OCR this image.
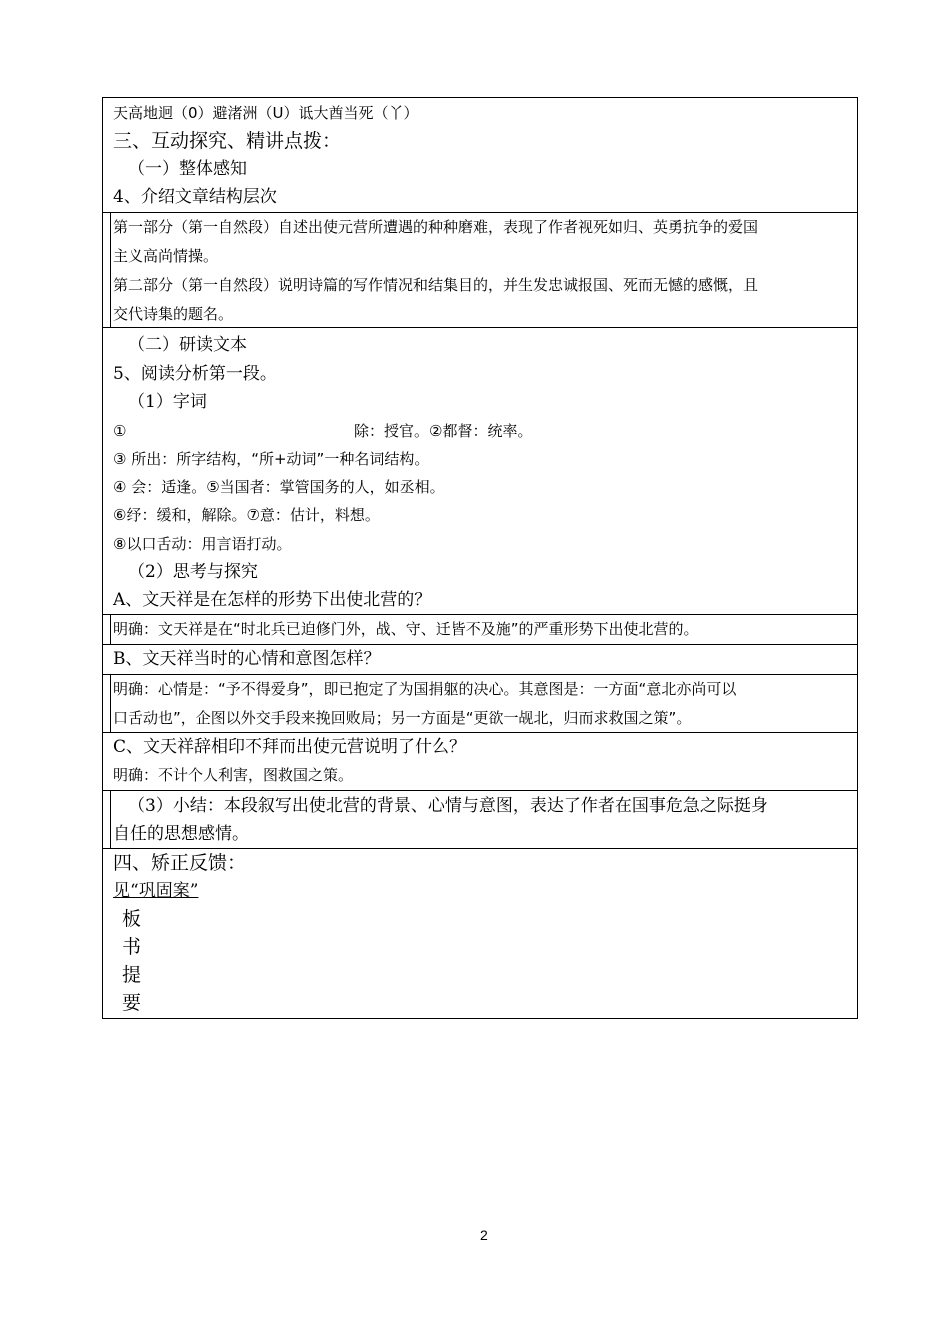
天高地迥（0）避渚洲（U）诋大酋当死（丫）
三、互动探究、精讲点拨：
（一）整体感知
4、介绍文章结构层次
第一部分（第一自然段）自述出使元营所遭遇的种种磨难，表现了作者视死如归、英勇抗争的爱国
主义高尚情操。
第二部分（第一自然段）说明诗篇的写作情况和结集目的，并生发忠诚报国、死而无憾的感慨，且
交代诗集的题名。
（二）研读文本
5、阅读分析第一段。
（1）字词
①	除：授官。②都督：统率。
③ 所出：所字结构，“所+动词”一种名词结构。
④ 会：适逢。⑤当国者：掌管国务的人，如丞相。
⑥纾：缓和，解除。⑦意：估计，料想。
⑧以口舌动：用言语打动。
（2）思考与探究
A、文天祥是在怎样的形势下出使北营的？
明确：文天祥是在“时北兵已迫修门外，战、守、迁皆不及施”的严重形势下出使北营的。
B、文天祥当时的心情和意图怎样？
明确：心情是：“予不得爱身”，即已抱定了为国捐躯的决心。其意图是：一方面“意北亦尚可以
口舌动也”，企图以外交手段来挽回败局；另一方面是“更欲一觇北，归而求救国之策”。
C、文天祥辞相印不拜而出使元营说明了什么？
明确：不计个人利害，图救国之策。
（3）小结：本段叙写出使北营的背景、心情与意图，表达了作者在国事危急之际挺身
自任的思想感情。
四、矫正反馈：
见“巩固案”
板
书
提
要
2
